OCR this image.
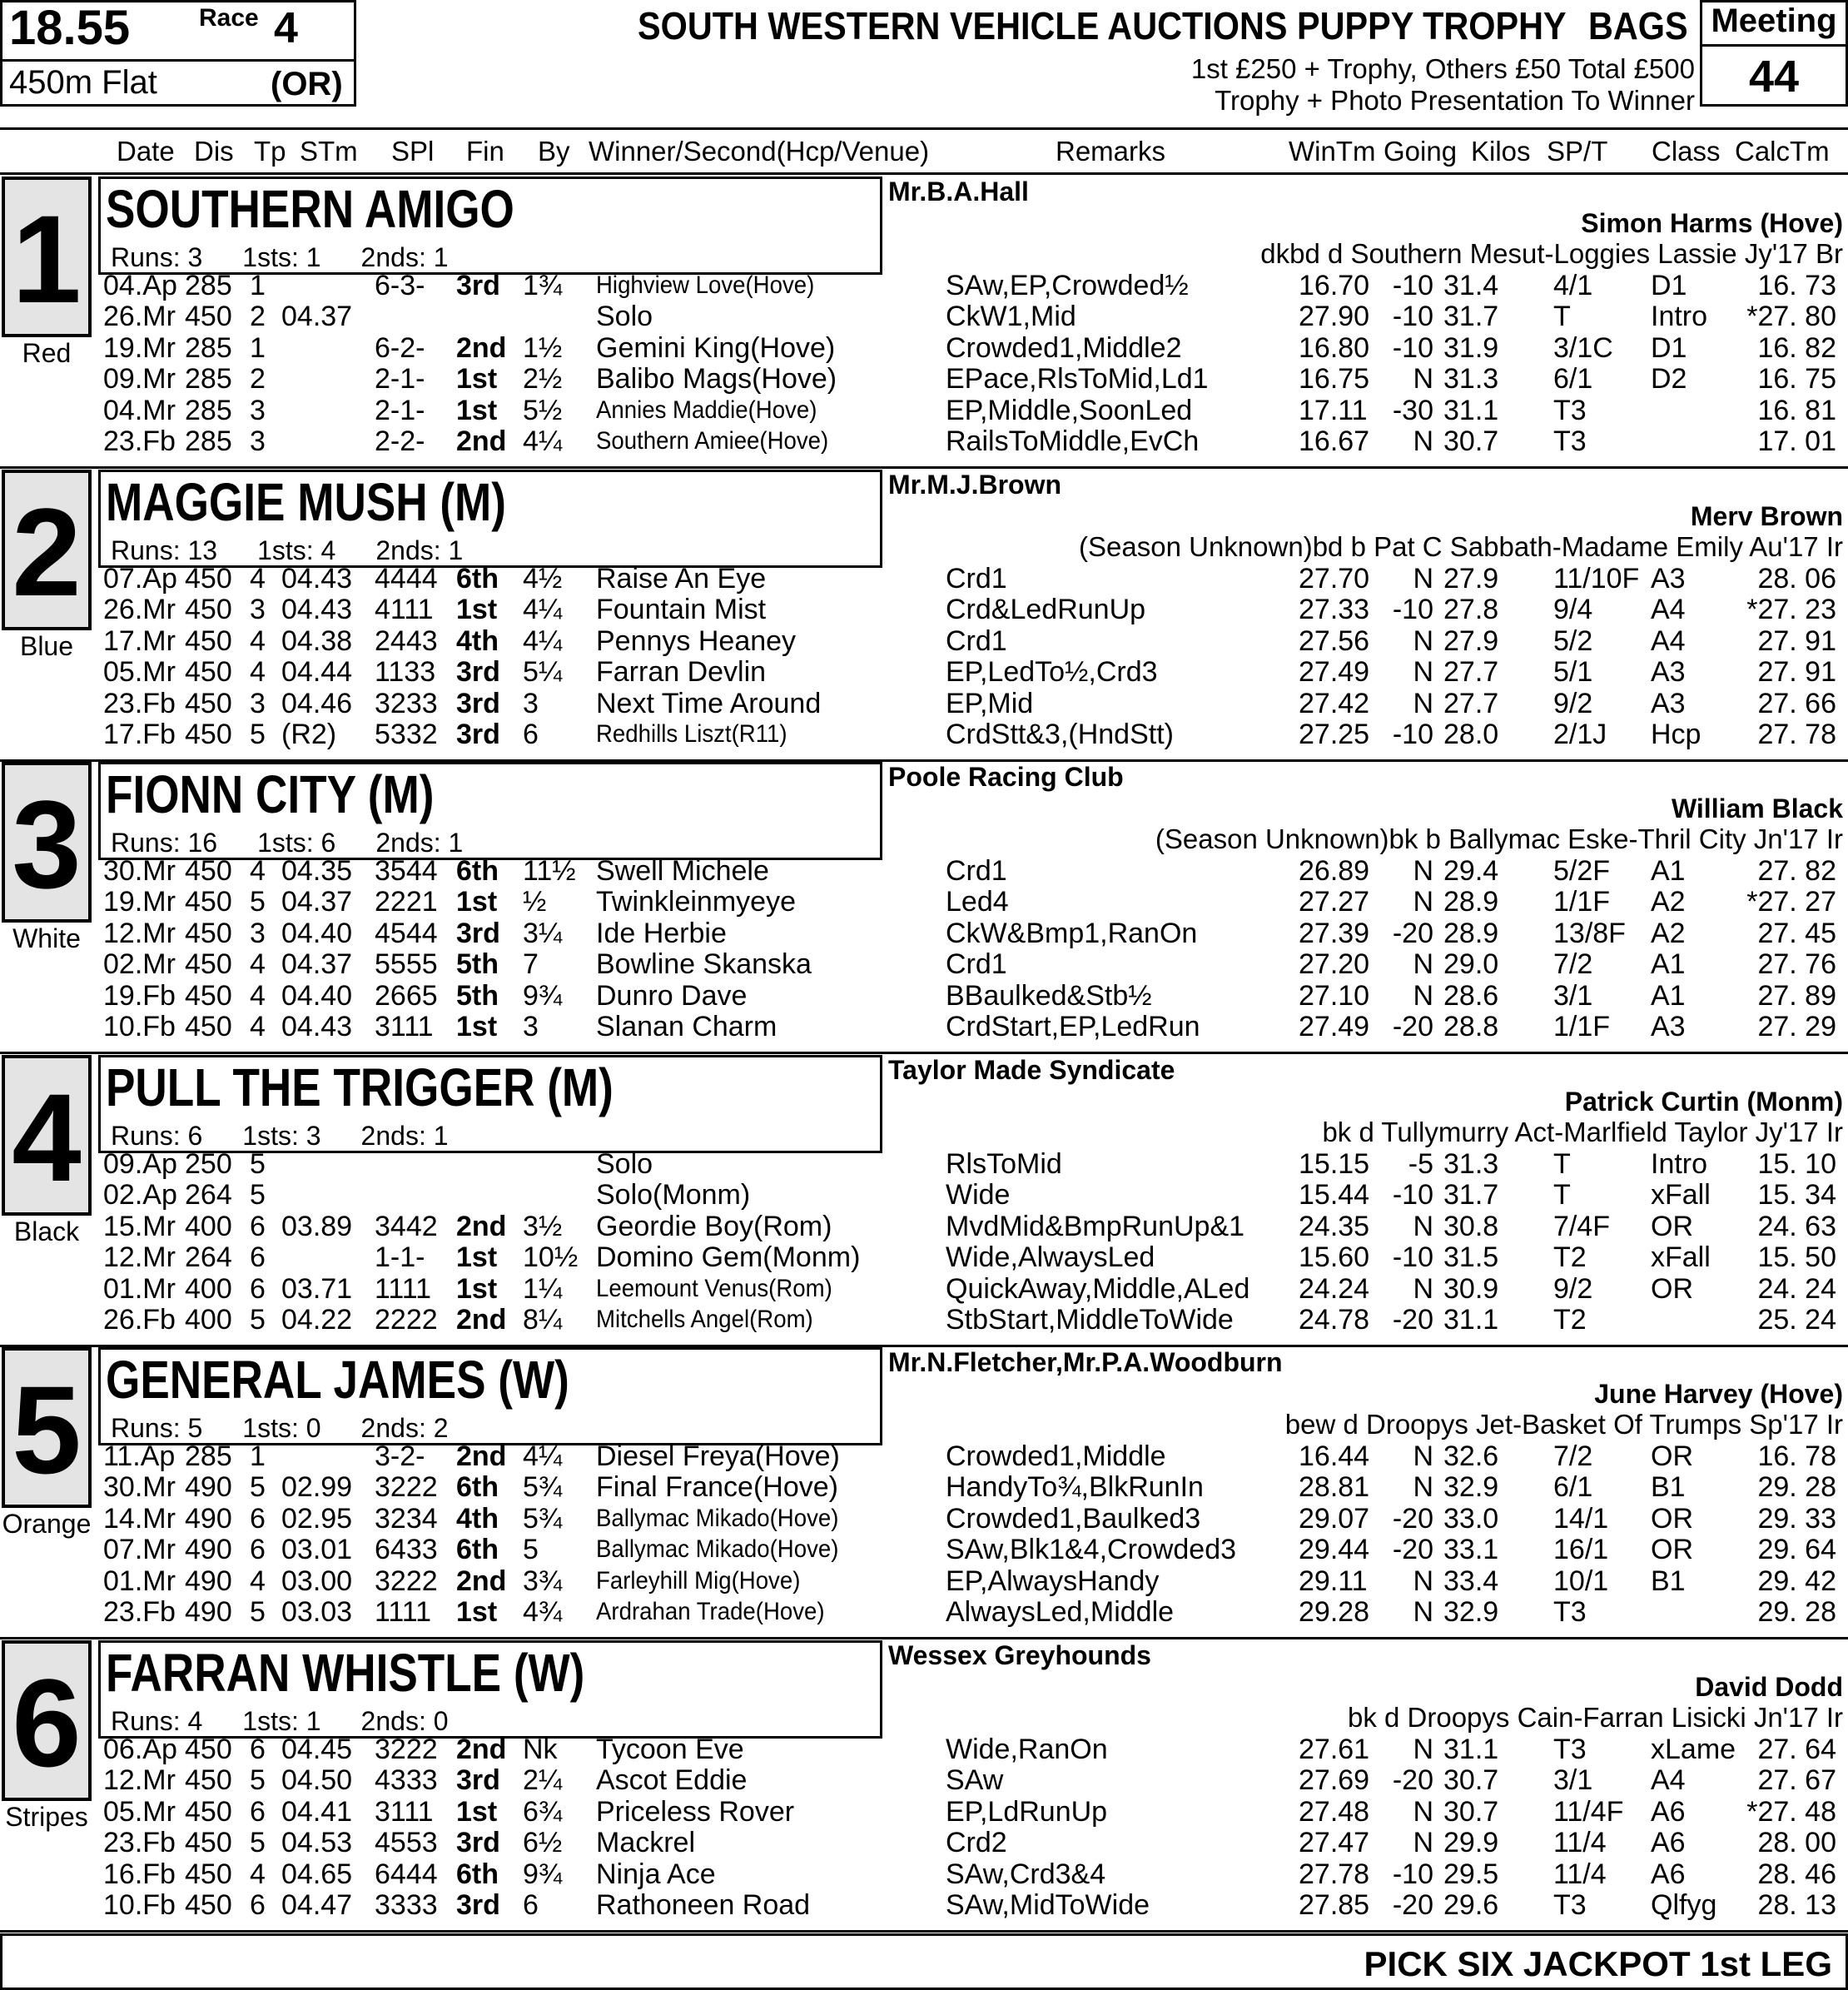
18.55	Race 4
450m Flat	(OR)
SOUTH WESTERN VEHICLE AUCTIONS PUPPY TROPHY BAGS
1st £250 + Trophy, Others £50 Total £500
Trophy + Photo Presentation To Winner
Meeting
44
Date Dis Tp STm SPl Fin By Winner/Second(Hcp/Venue)	Remarks	WinTm Going Kilos SP/T Class CalcTm
1
Red
SOUTHERN AMIGO
Runs: 3 1sts: 1 2nds: 1
Mr.B.A.Hall
Simon Harms (Hove)
dkbd d Southern Mesut-Loggies Lassie Jy'17 Br
04.Ap 285 1	6-3- 3rd 1¾ Highview Love(Hove)	SAw,EP,Crowded½	16.70 -10 31.4 4/1 D1	16. 73
26.Mr 450 2 04.37	Solo	CkW1,Mid	27.90 -10 31.7 T	Intro *27. 80
19.Mr 285 1	6-2- 2nd 1½ Gemini King(Hove)	Crowded1,Middle2	16.80 -10 31.9 3/1C D1	16. 82
09.Mr 285 2	2-1- 1st 2½ Balibo Mags(Hove)	EPace,RlsToMid,Ld1	16.75 N 31.3 6/1 D2	16. 75
04.Mr 285 3	2-1- 1st 5½ Annies Maddie(Hove)	EP,Middle,SoonLed	17.11 -30 31.1 T3	16. 81
23.Fb 285 3	2-2- 2nd 4¼ Southern Amiee(Hove)	RailsToMiddle,EvCh	16.67 N 30.7 T3	17. 01
2
Blue
MAGGIE MUSH (M)
Runs: 13 1sts: 4 2nds: 1
Mr.M.J.Brown
Merv Brown
(Season Unknown)bd b Pat C Sabbath-Madame Emily Au'17 Ir
07.Ap 450 4 04.43 4444 6th 4½ Raise An Eye	Crd1	27.70 N 27.9 11/10F A3	28. 06
26.Mr 450 3 04.43 4111 1st 4¼ Fountain Mist	Crd&LedRunUp	27.33 -10 27.8 9/4 A4 *27. 23
17.Mr 450 4 04.38 2443 4th 4¼ Pennys Heaney	Crd1	27.56 N 27.9 5/2 A4	27. 91
05.Mr 450 4 04.44 1133 3rd 5¼ Farran Devlin	EP,LedTo½,Crd3	27.49 N 27.7 5/1 A3	27. 91
23.Fb 450 3 04.46 3233 3rd 3 Next Time Around	EP,Mid	27.42 N 27.7 9/2 A3	27. 66
17.Fb 450 5 (R2) 5332 3rd 6 Redhills Liszt(R11)	CrdStt&3,(HndStt)	27.25 -10 28.0 2/1J Hcp 27. 78
3
White
FIONN CITY (M)
Runs: 16 1sts: 6 2nds: 1
Poole Racing Club
William Black
(Season Unknown)bk b Ballymac Eske-Thril City Jn'17 Ir
30.Mr 450 4 04.35 3544 6th 11½ Swell Michele	Crd1	26.89 N 29.4 5/2F A1	27. 82
19.Mr 450 5 04.37 2221 1st ½ Twinkleinmyeye	Led4	27.27 N 28.9 1/1F A2 *27. 27
12.Mr 450 3 04.40 4544 3rd 3¼ Ide Herbie	CkW&Bmp1,RanOn	27.39 -20 28.9 13/8F A2	27. 45
02.Mr 450 4 04.37 5555 5th 7 Bowline Skanska	Crd1	27.20 N 29.0 7/2 A1	27. 76
19.Fb 450 4 04.40 2665 5th 9¾ Dunro Dave	BBaulked&Stb½	27.10 N 28.6 3/1 A1	27. 89
10.Fb 450 4 04.43 3111 1st 3 Slanan Charm	CrdStart,EP,LedRun	27.49 -20 28.8 1/1F A3	27. 29
4
Black
PULL THE TRIGGER (M)
Runs: 6 1sts: 3 2nds: 1
Taylor Made Syndicate
Patrick Curtin (Monm)
bk d Tullymurry Act-Marlfield Taylor Jy'17 Ir
09.Ap 250 5	Solo	RlsToMid	15.15 -5 31.3 T	Intro 15. 10
02.Ap 264 5	Solo(Monm)	Wide	15.44 -10 31.7 T	xFall 15. 34
15.Mr 400 6 03.89 3442 2nd 3½ Geordie Boy(Rom)	MvdMid&BmpRunUp&1 24.35 N 30.8 7/4F OR 24. 63
12.Mr 264 6	1-1- 1st 10½ Domino Gem(Monm)	Wide,AlwaysLed	15.60 -10 31.5 T2 xFall 15. 50
01.Mr 400 6 03.71 1111 1st 1¼ Leemount Venus(Rom)	QuickAway,Middle,ALed 24.24 N 30.9 9/2 OR 24. 24
26.Fb 400 5 04.22 2222 2nd 8¼ Mitchells Angel(Rom)	StbStart,MiddleToWide 24.78 -20 31.1 T2	25. 24
5
Orange
GENERAL JAMES (W)
Runs: 5 1sts: 0 2nds: 2
Mr.N.Fletcher,Mr.P.A.Woodburn
June Harvey (Hove)
bew d Droopys Jet-Basket Of Trumps Sp'17 Ir
11.Ap 285 1	3-2- 2nd 4¼ Diesel Freya(Hove)	Crowded1,Middle	16.44 N 32.6 7/2 OR 16. 78
30.Mr 490 5 02.99 3222 6th 5¾ Final France(Hove)	HandyTo¾,BlkRunIn	28.81 N 32.9 6/1 B1	29. 28
14.Mr 490 6 02.95 3234 4th 5¾ Ballymac Mikado(Hove)	Crowded1,Baulked3	29.07 -20 33.0 14/1 OR 29. 33
07.Mr 490 6 03.01 6433 6th 5 Ballymac Mikado(Hove)	SAw,Blk1&4,Crowded3 29.44 -20 33.1 16/1 OR 29. 64
01.Mr 490 4 03.00 3222 2nd 3¾ Farleyhill Mig(Hove)	EP,AlwaysHandy	29.11 N 33.4 10/1 B1	29. 42
23.Fb 490 5 03.03 1111 1st 4¾ Ardrahan Trade(Hove)	AlwaysLed,Middle	29.28 N 32.9 T3	29. 28
6
Stripes
FARRAN WHISTLE (W)
Runs: 4 1sts: 1 2nds: 0
Wessex Greyhounds
David Dodd
bk d Droopys Cain-Farran Lisicki Jn'17 Ir
06.Ap 450 6 04.45 3222 2nd Nk Tycoon Eve	Wide,RanOn	27.61 N 31.1 T3 xLame 27. 64
12.Mr 450 5 04.50 4333 3rd 2¼ Ascot Eddie	SAw	27.69 -20 30.7 3/1 A4	27. 67
05.Mr 450 6 04.41 3111 1st 6¾ Priceless Rover	EP,LdRunUp	27.48 N 30.7 11/4F A6 *27. 48
23.Fb 450 5 04.53 4553 3rd 6½ Mackrel	Crd2	27.47 N 29.9 11/4 A6	28. 00
16.Fb 450 4 04.65 6444 6th 9¾ Ninja Ace	SAw,Crd3&4	27.78 -10 29.5 11/4 A6	28. 46
10.Fb 450 6 04.47 3333 3rd 6 Rathoneen Road	SAw,MidToWide	27.85 -20 29.6 T3 Qlfyg 28. 13
PICK SIX JACKPOT 1st LEG
